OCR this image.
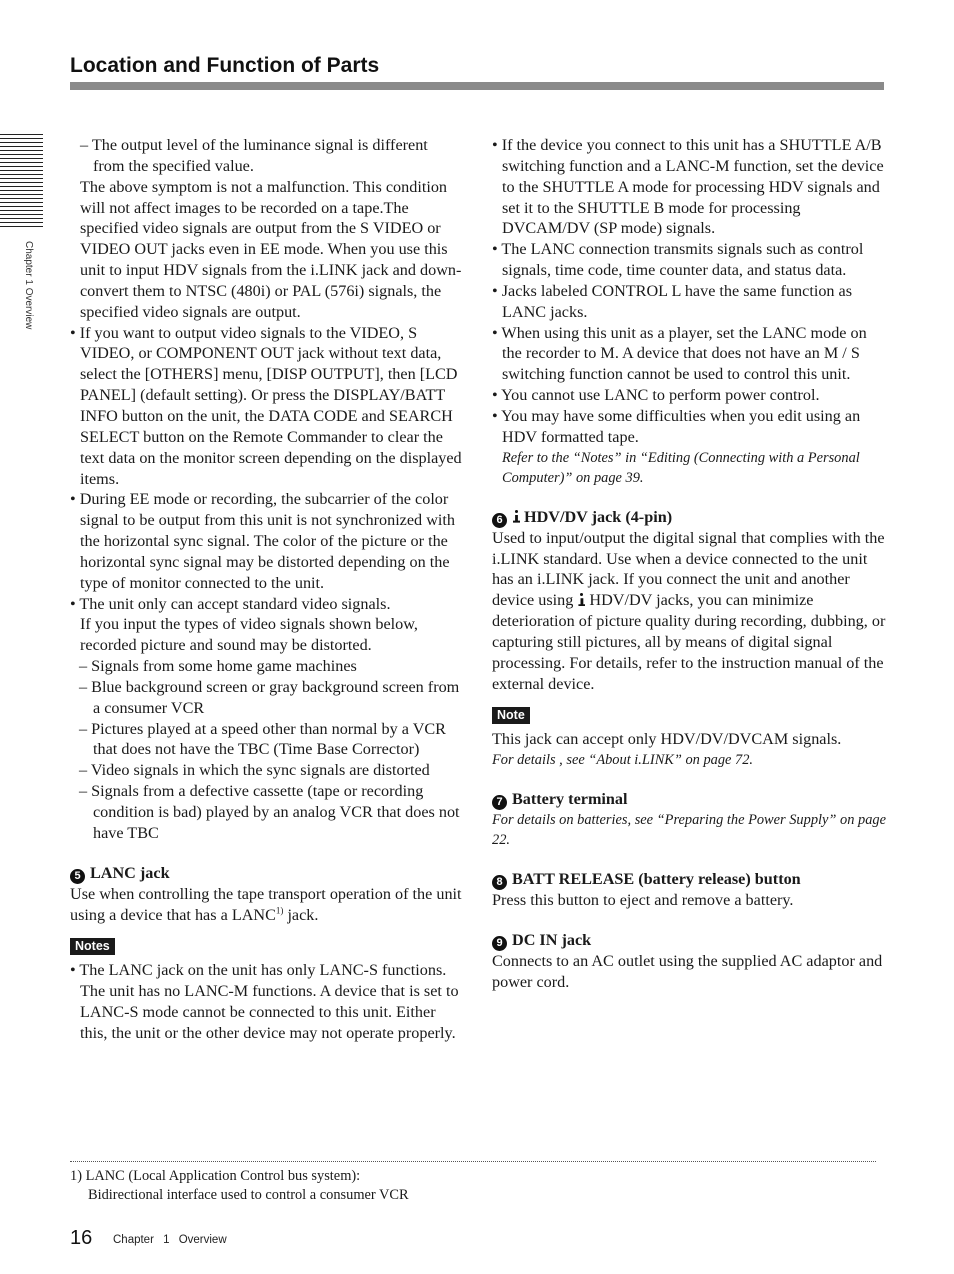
Location and Function of Parts
Chapter 1 Overview

– The output level of the luminance signal is different

from the specified value.

The above symptom is not a malfunction. This condition will not affect images to be recorded on a tape.The specified video signals are output from the S VIDEO or VIDEO OUT jacks even in EE mode. When you use this unit to input HDV signals from the i.LINK jack and down-convert them to NTSC (480i) or PAL (576i) signals, the specified video signals are output.

• If you want to output video signals to the VIDEO, S VIDEO, or COMPONENT OUT jack without text data, select the [OTHERS] menu, [DISP OUTPUT], then [LCD PANEL] (default setting). Or press the DISPLAY/BATT INFO button on the unit, the DATA CODE and SEARCH SELECT button on the Remote Commander to clear the text data on the monitor screen depending on the displayed items.

• During EE mode or recording, the subcarrier of the color signal to be output from this unit is not synchronized with the horizontal sync signal. The color of the picture or the horizontal sync signal may be distorted depending on the type of monitor connected to the unit.

• The unit only can accept standard video signals.

If you input the types of video signals shown below, recorded picture and sound may be distorted.

– Signals from some home game machines

– Blue background screen or gray background screen from a consumer VCR

– Pictures played at a speed other than normal by a VCR that does not have the TBC (Time Base Corrector)

– Video signals in which the sync signals are distorted

– Signals from a defective cassette (tape or recording condition is bad) played by an analog VCR that does not have TBC

5 LANC jack

Use when controlling the tape transport operation of the unit using a device that has a LANC$^{1)}$ jack.

Notes

• The LANC jack on the unit has only LANC-S functions. The unit has no LANC-M functions. A device that is set to LANC-S mode cannot be connected to this unit. Either this, the unit or the other device may not operate properly.

• If the device you connect to this unit has a SHUTTLE A/B switching function and a LANC-M function, set the device to the SHUTTLE A mode for processing HDV signals and set it to the SHUTTLE B mode for processing DVCAM/DV (SP mode) signals.

• The LANC connection transmits signals such as control signals, time code, time counter data, and status data.

• Jacks labeled CONTROL L have the same function as LANC jacks.

• When using this unit as a player, set the LANC mode on the recorder to M. A device that does not have an M / S switching function cannot be used to control this unit.

• You cannot use LANC to perform power control.

• You may have some difficulties when you edit using an HDV formatted tape.

Refer to the “Notes” in “Editing (Connecting with a Personal Computer)” on page 39.

6 HDV/DV jack (4-pin)

Used to input/output the digital signal that complies with the i.LINK standard. Use when a device connected to the unit has an i.LINK jack. If you connect the unit and another device using HDV/DV jacks, you can minimize deterioration of picture quality during recording, dubbing, or capturing still pictures, all by means of digital signal processing. For details, refer to the instruction manual of the external device.

Note

This jack can accept only HDV/DV/DVCAM signals.

For details , see “About i.LINK” on page 72.

7 Battery terminal

For details on batteries, see “Preparing the Power Supply” on page 22.

8 BATT RELEASE (battery release) button

Press this button to eject and remove a battery.

9 DC IN jack

Connects to an AC outlet using the supplied AC adaptor and power cord.

1) LANC (Local Application Control bus system):
Bidirectional interface used to control a consumer VCR
16 Chapter 1 Overview
